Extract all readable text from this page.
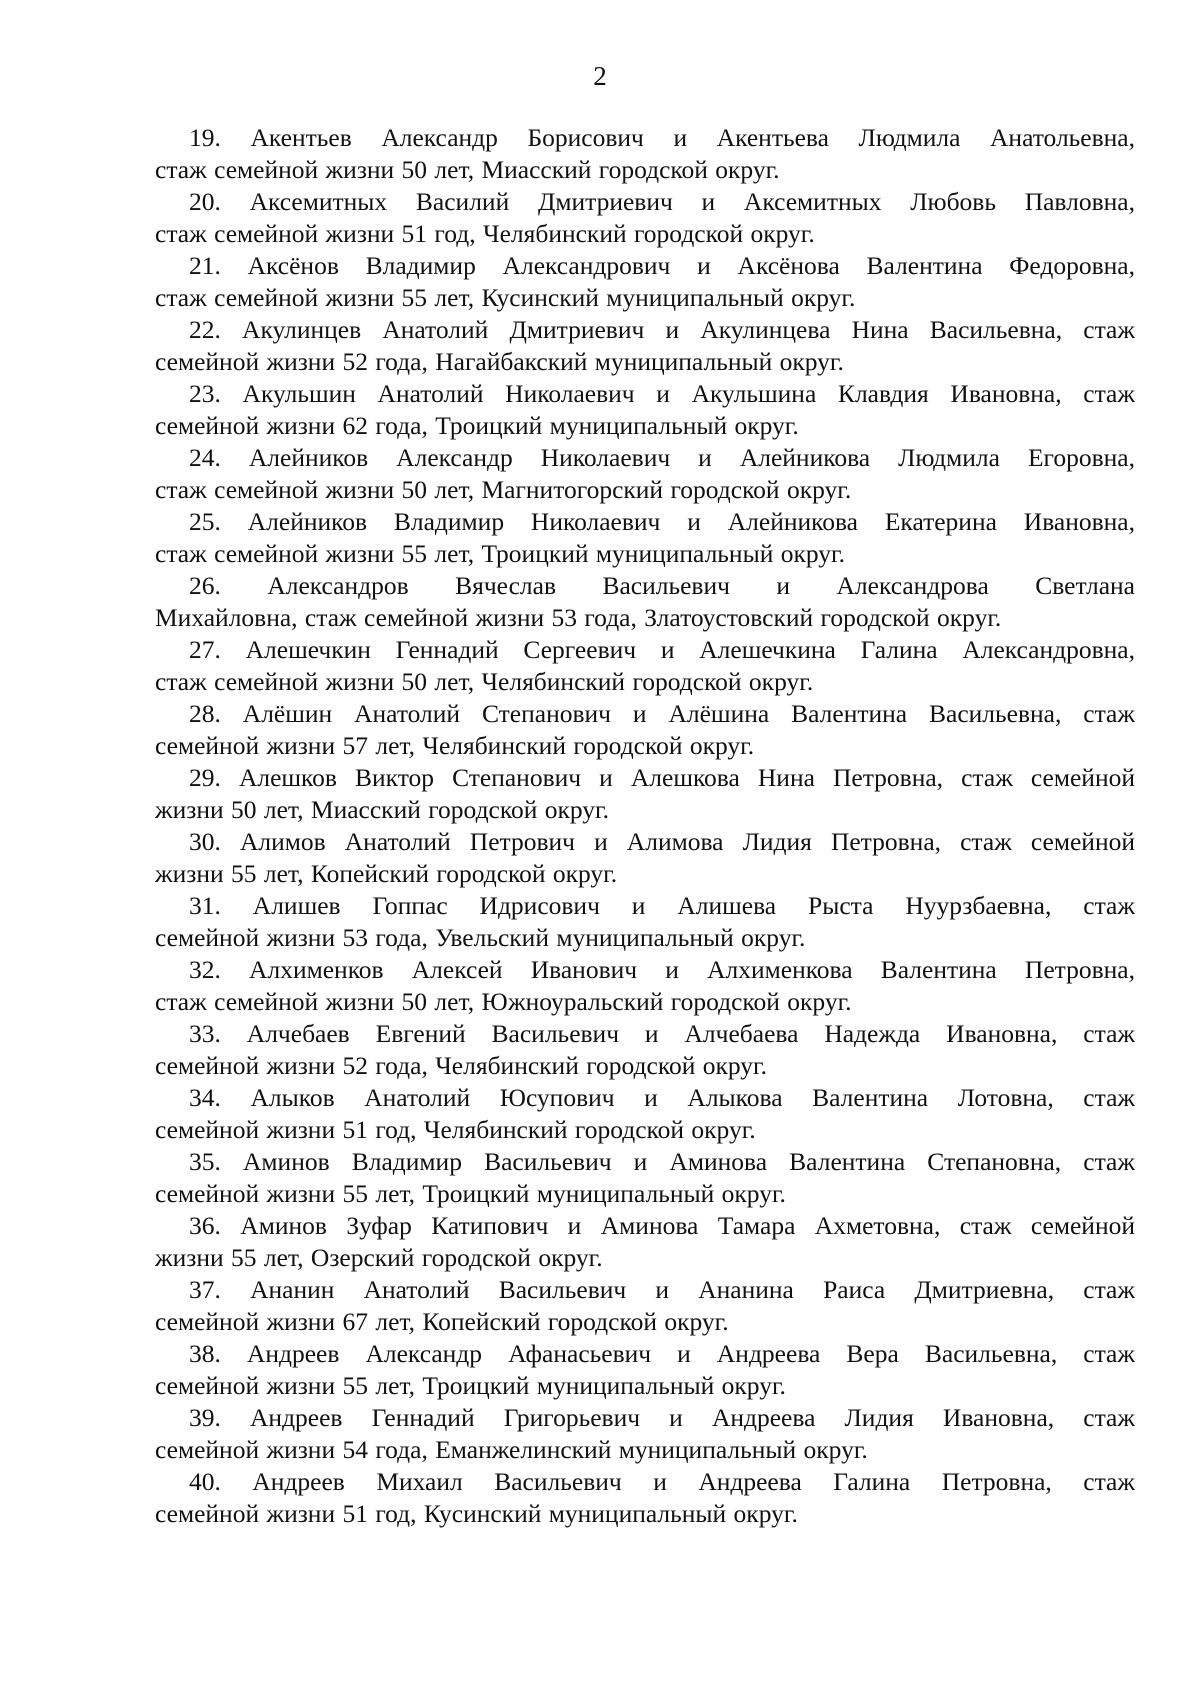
2
19. Акентьев Александр Борисович и Акентьева Людмила Анатольевна,
стаж семейной жизни 50 лет, Миасский городской округ.
20. Аксемитных Василий Дмитриевич и Аксемитных Любовь Павловна,
стаж семейной жизни 51 год, Челябинский городской округ.
21. Аксёнов Владимир Александрович и Аксёнова Валентина Федоровна,
стаж семейной жизни 55 лет, Кусинский муниципальный округ.
22. Акулинцев Анатолий Дмитриевич и Акулинцева Нина Васильевна, стаж
семейной жизни 52 года, Нагайбакский муниципальный округ.
23. Акульшин Анатолий Николаевич и Акульшина Клавдия Ивановна, стаж
семейной жизни 62 года, Троицкий муниципальный округ.
24. Алейников Александр Николаевич и Алейникова Людмила Егоровна,
стаж семейной жизни 50 лет, Магнитогорский городской округ.
25. Алейников Владимир Николаевич и Алейникова Екатерина Ивановна,
стаж семейной жизни 55 лет, Троицкий муниципальный округ.
26. Александров Вячеслав Васильевич и Александрова Светлана
Михайловна, стаж семейной жизни 53 года, Златоустовский городской округ.
27. Алешечкин Геннадий Сергеевич и Алешечкина Галина Александровна,
стаж семейной жизни 50 лет, Челябинский городской округ.
28. Алёшин Анатолий Степанович и Алёшина Валентина Васильевна, стаж
семейной жизни 57 лет, Челябинский городской округ.
29. Алешков Виктор Степанович и Алешкова Нина Петровна, стаж семейной
жизни 50 лет, Миасский городской округ.
30. Алимов Анатолий Петрович и Алимова Лидия Петровна, стаж семейной
жизни 55 лет, Копейский городской округ.
31. Алишев Гоппас Идрисович и Алишева Рыста Нуурзбаевна, стаж
семейной жизни 53 года, Увельский муниципальный округ.
32. Алхименков Алексей Иванович и Алхименкова Валентина Петровна,
стаж семейной жизни 50 лет, Южноуральский городской округ.
33. Алчебаев Евгений Васильевич и Алчебаева Надежда Ивановна, стаж
семейной жизни 52 года, Челябинский городской округ.
34. Алыков Анатолий Юсупович и Алыкова Валентина Лотовна, стаж
семейной жизни 51 год, Челябинский городской округ.
35. Аминов Владимир Васильевич и Аминова Валентина Степановна, стаж
семейной жизни 55 лет, Троицкий муниципальный округ.
36. Аминов Зуфар Катипович и Аминова Тамара Ахметовна, стаж семейной
жизни 55 лет, Озерский городской округ.
37. Ананин Анатолий Васильевич и Ананина Раиса Дмитриевна, стаж
семейной жизни 67 лет, Копейский городской округ.
38. Андреев Александр Афанасьевич и Андреева Вера Васильевна, стаж
семейной жизни 55 лет, Троицкий муниципальный округ.
39. Андреев Геннадий Григорьевич и Андреева Лидия Ивановна, стаж
семейной жизни 54 года, Еманжелинский муниципальный округ.
40. Андреев Михаил Васильевич и Андреева Галина Петровна, стаж
семейной жизни 51 год, Кусинский муниципальный округ.
